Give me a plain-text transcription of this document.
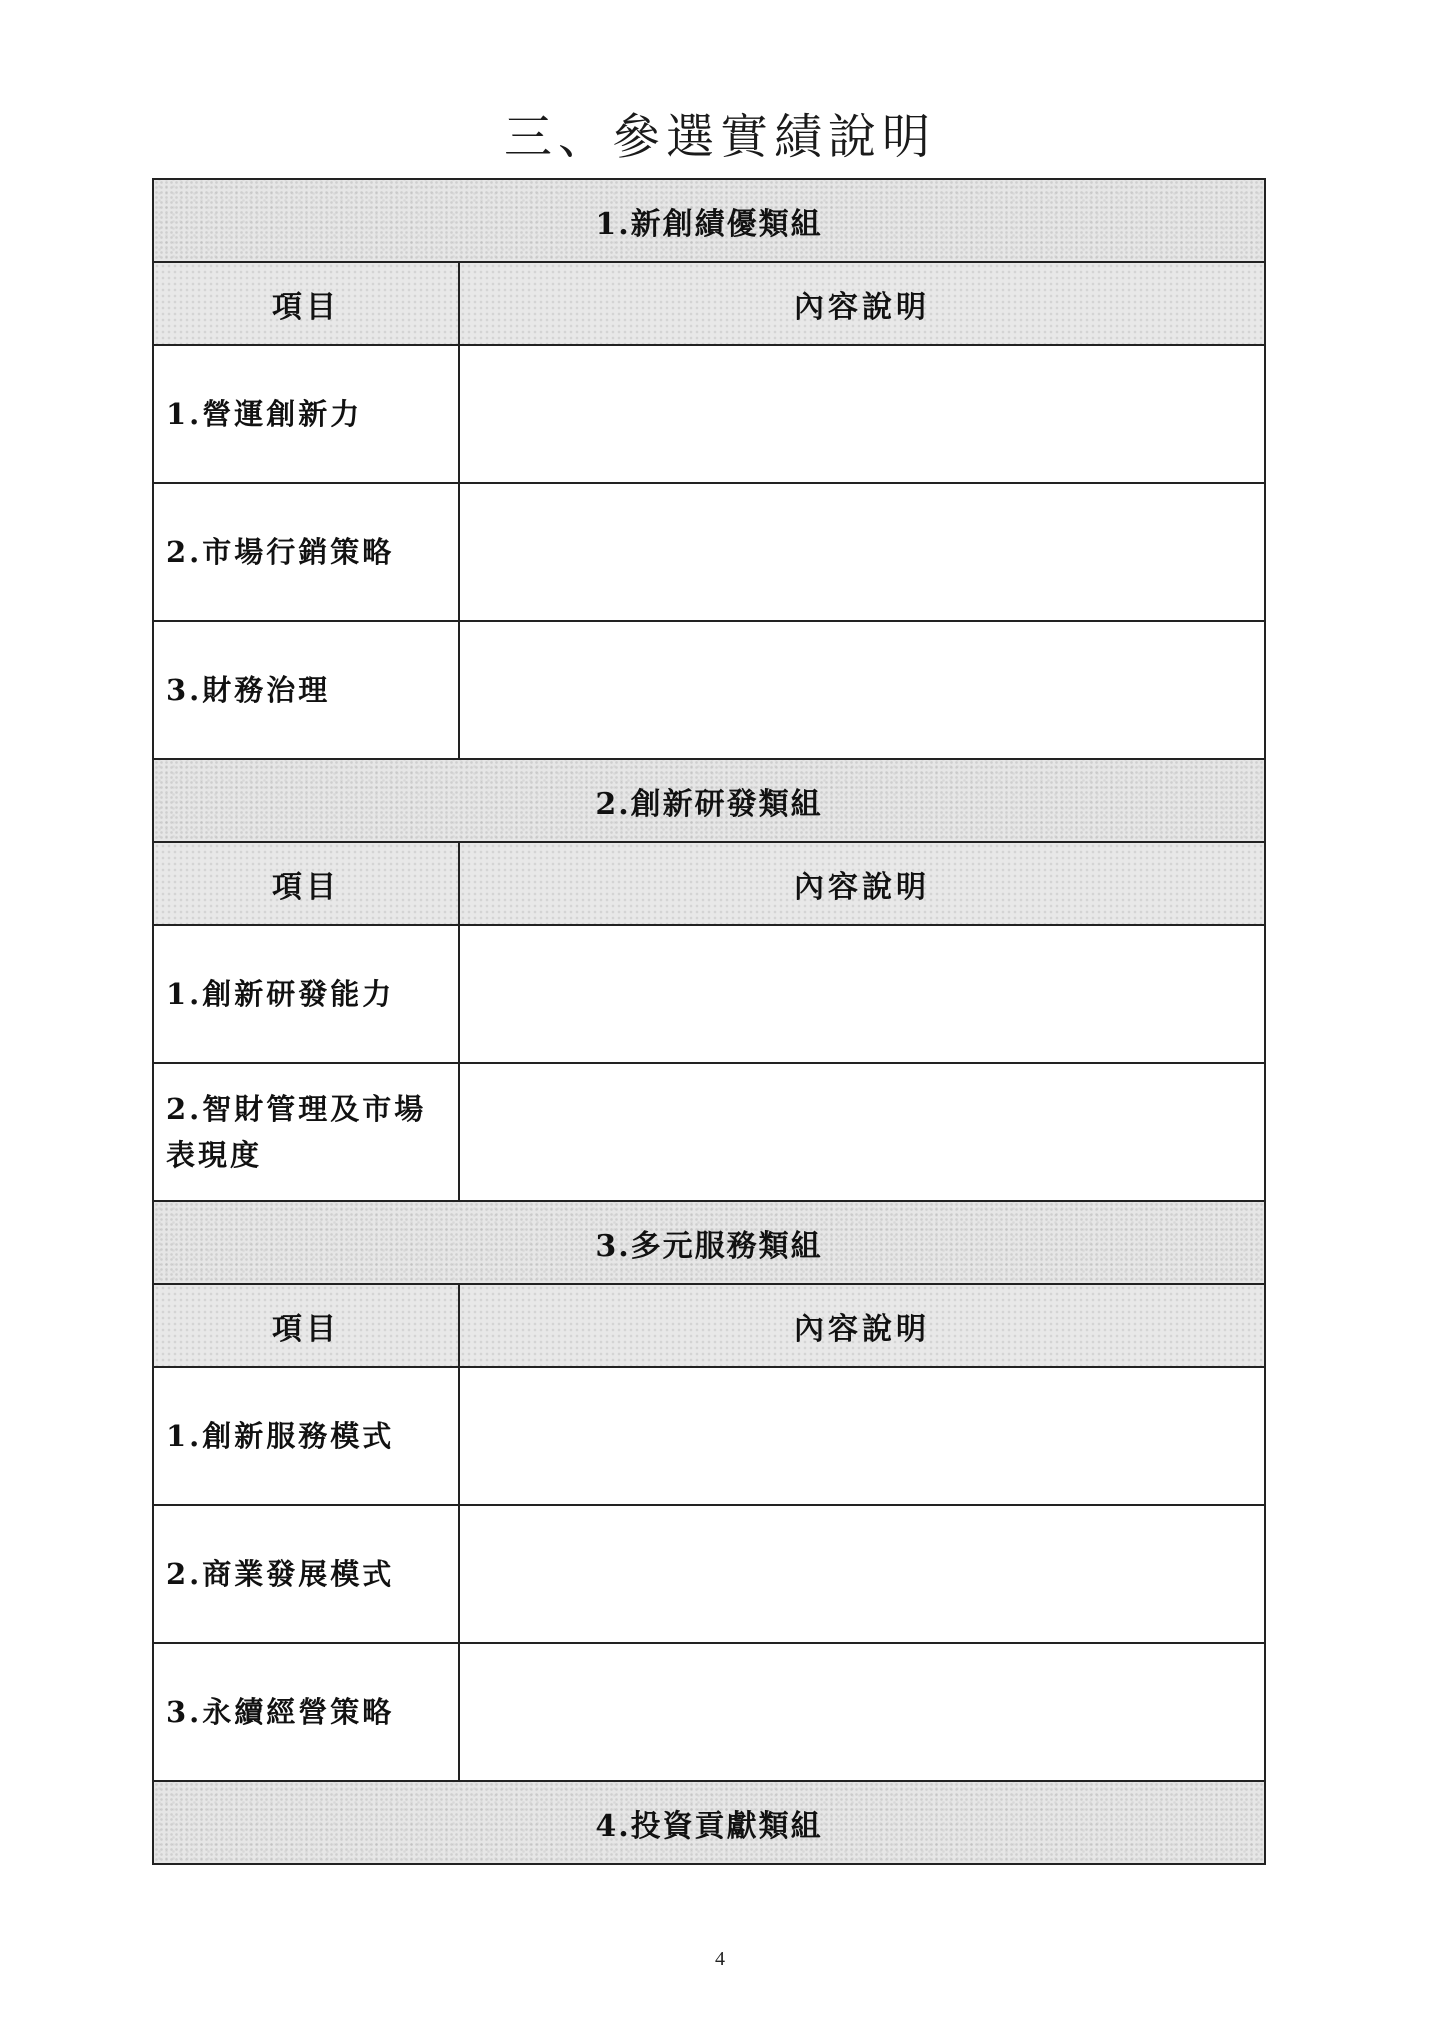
三、參選實績說明
1.新創績優類組	
項目	內容說明
1.營運創新力	
2.市場行銷策略	
3.財務治理	
2.創新研發類組	
項目	內容說明
1.創新研發能力	
2.智財管理及市場表現度	
3.多元服務類組	
項目	內容說明
1.創新服務模式	
2.商業發展模式	
3.永續經營策略	
4.投資貢獻類組	
4
